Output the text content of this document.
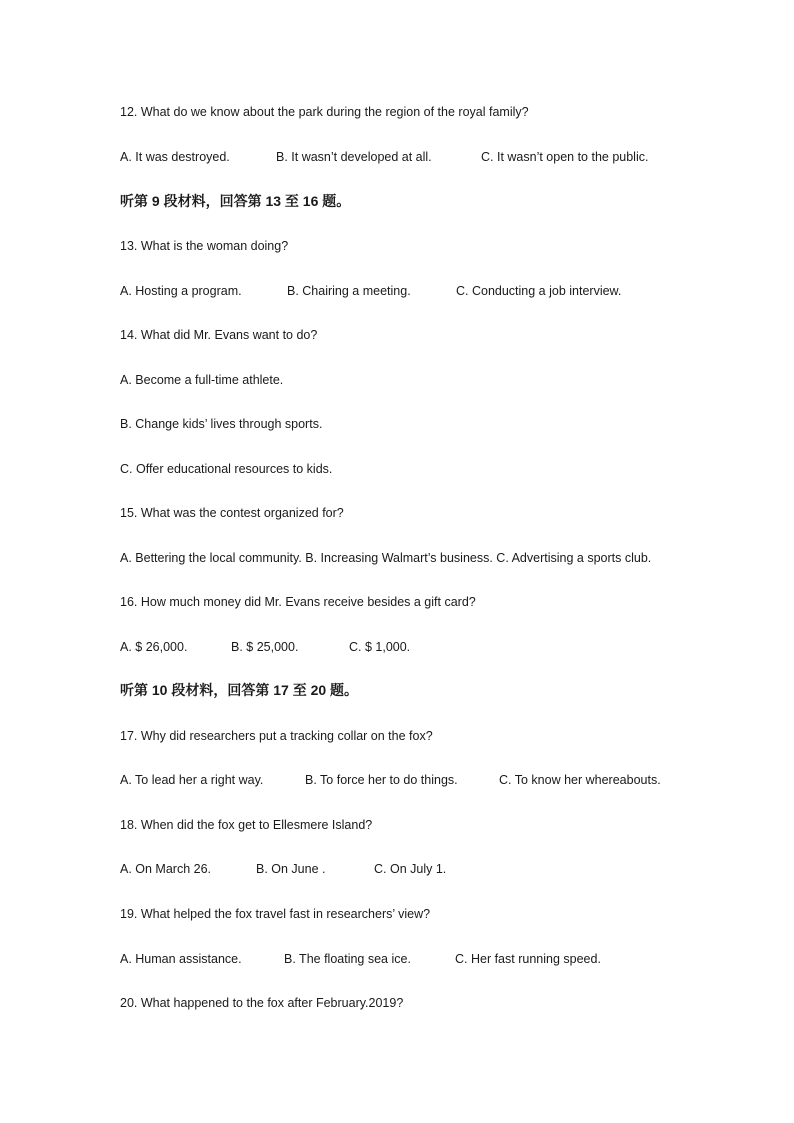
12. What do we know about the park during the region of the royal family?
A. It was destroyed.	B. It wasn’t developed at all.	C. It wasn’t open to the public.
听第 9 段材料，回答第 13 至 16 题。
13. What is the woman doing?
A. Hosting a program.	B. Chairing a meeting.	C. Conducting a job interview.
14. What did Mr. Evans want to do?
A. Become a full-time athlete.
B. Change kids’ lives through sports.
C. Offer educational resources to kids.
15. What was the contest organized for?
A. Bettering the local community. B. Increasing Walmart’s business. C. Advertising a sports club.
16. How much money did Mr. Evans receive besides a gift card?
A. $ 26,000.	B. $ 25,000.	C. $ 1,000.
听第 10 段材料，回答第 17 至 20 题。
17. Why did researchers put a tracking collar on the fox?
A. To lead her a right way.	B. To force her to do things.	C. To know her whereabouts.
18. When did the fox get to Ellesmere Island?
A. On March 26.	B. On June .	C. On July 1.
19. What helped the fox travel fast in researchers’ view?
A. Human assistance.	B. The floating sea ice.	C. Her fast running speed.
20. What happened to the fox after February.2019?
